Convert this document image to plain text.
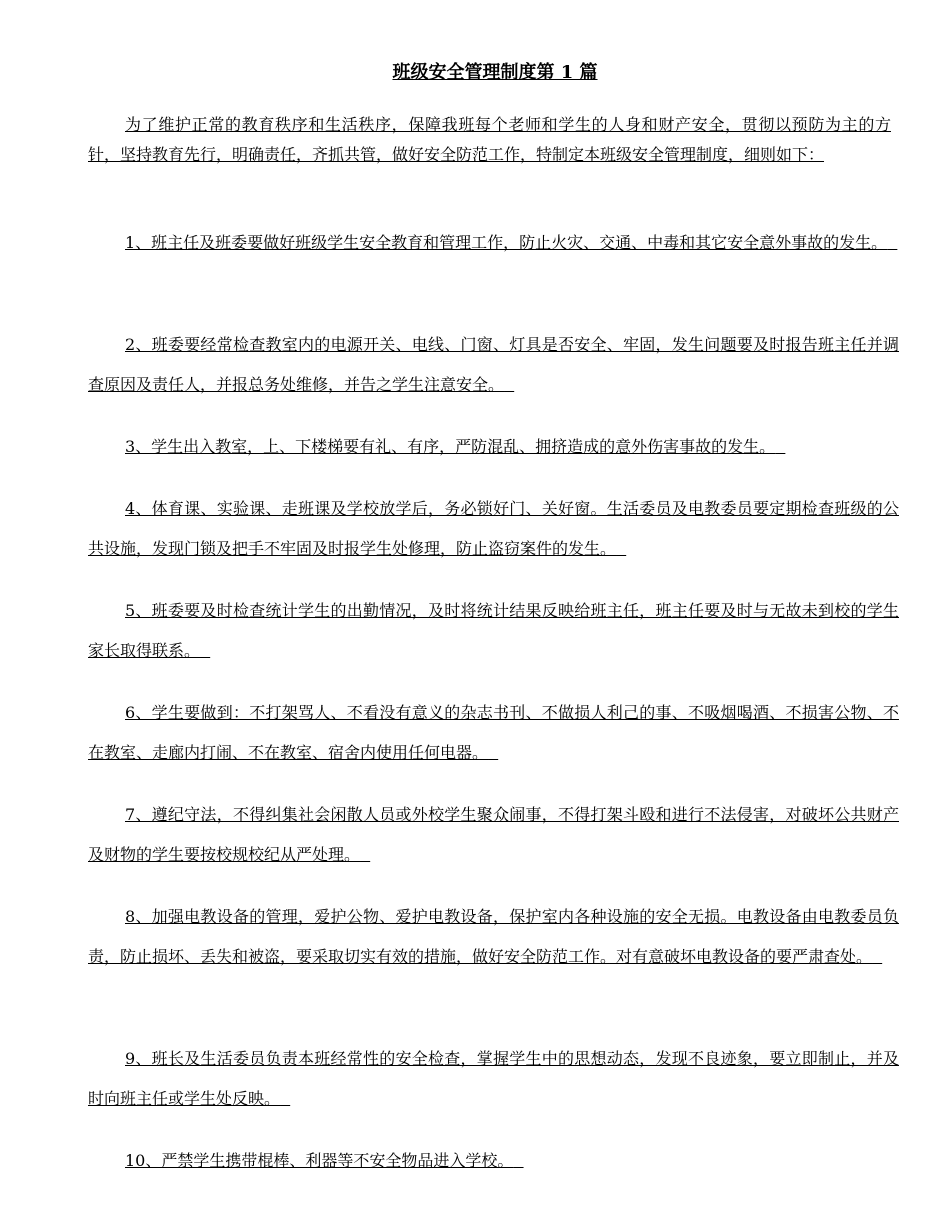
班级安全管理制度第 1 篇

为了维护正常的教育秩序和生活秩序，保障我班每个老师和学生的人身和财产安全，贯彻以预防为主的方针，坚持教育先行，明确责任，齐抓共管，做好安全防范工作，特制定本班级安全管理制度，细则如下：

1、班主任及班委要做好班级学生安全教育和管理工作，防止火灾、交通、中毒和其它安全意外事故的发生。

2、班委要经常检查教室内的电源开关、电线、门窗、灯具是否安全、牢固，发生问题要及时报告班主任并调查原因及责任人，并报总务处维修，并告之学生注意安全。

3、学生出入教室，上、下楼梯要有礼、有序，严防混乱、拥挤造成的意外伤害事故的发生。

4、体育课、实验课、走班课及学校放学后，务必锁好门、关好窗。生活委员及电教委员要定期检查班级的公共设施，发现门锁及把手不牢固及时报学生处修理，防止盗窃案件的发生。

5、班委要及时检查统计学生的出勤情况，及时将统计结果反映给班主任，班主任要及时与无故未到校的学生家长取得联系。

6、学生要做到：不打架骂人、不看没有意义的杂志书刊、不做损人利己的事、不吸烟喝酒、不损害公物、不在教室、走廊内打闹、不在教室、宿舍内使用任何电器。

7、遵纪守法，不得纠集社会闲散人员或外校学生聚众闹事，不得打架斗殴和进行不法侵害，对破坏公共财产及财物的学生要按校规校纪从严处理。

8、加强电教设备的管理，爱护公物、爱护电教设备，保护室内各种设施的安全无损。电教设备由电教委员负责，防止损坏、丢失和被盗，要采取切实有效的措施，做好安全防范工作。对有意破坏电教设备的要严肃查处。

9、班长及生活委员负责本班经常性的安全检查，掌握学生中的思想动态，发现不良迹象，要立即制止，并及时向班主任或学生处反映。

10、严禁学生携带棍棒、利器等不安全物品进入学校。
